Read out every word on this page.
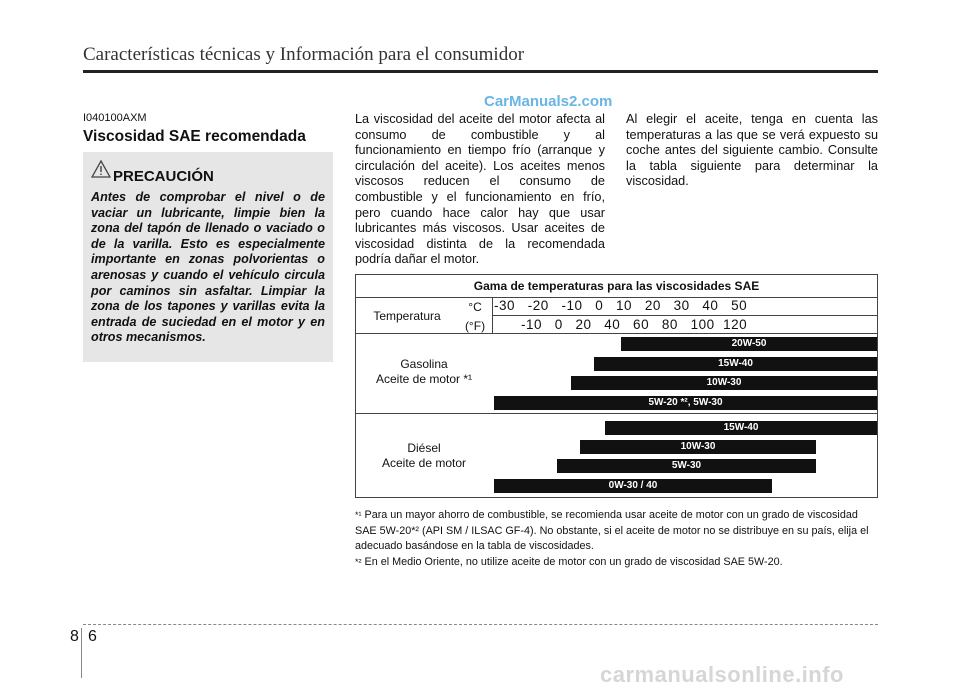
Características técnicas y Información para el consumidor
CarManuals2.com
I040100AXM
Viscosidad SAE recomendada
PRECAUCIÓN
Antes de comprobar el nivel o de vaciar un lubricante, limpie bien la zona del tapón de llenado o vaciado o de la varilla. Esto es especialmente importante en zonas polvorientas o arenosas y cuando el vehículo circula por caminos sin asfaltar. Limpiar la zona de los tapones y varillas evita la entrada de suciedad en el motor y en otros mecanismos.
La viscosidad del aceite del motor afecta al consumo de combustible y al funcionamiento en tiempo frío (arranque y circulación del aceite). Los aceites menos viscosos reducen el consumo de combustible y el funcionamiento en frío, pero cuando hace calor hay que usar lubricantes más viscosos. Usar aceites de viscosidad distinta de la recomendada podría dañar el motor.
Al elegir el aceite, tenga en cuenta las temperaturas a las que se verá expuesto su coche antes del siguiente cambio. Consulte la tabla siguiente para determinar la viscosidad.
Gama de temperaturas para las viscosidades SAE
Temperatura
°C
(°F)
-30   -20   -10   0   10   20   30   40   50
-10   0   20   40   60   80   100  120
Gasolina
Aceite de motor *¹
20W-50
15W-40
10W-30
5W-20 *², 5W-30
Diésel
Aceite de motor
15W-40
10W-30
5W-30
0W-30 / 40
*¹ Para un mayor ahorro de combustible, se recomienda usar aceite de motor con un grado de viscosidad SAE 5W-20*² (API SM / ILSAC GF-4). No obstante, si el aceite de motor no se distribuye en su país, elija el adecuado basándose en la tabla de viscosidades.
*² En el Medio Oriente, no utilize aceite de motor con un grado de viscosidad SAE 5W-20.
8 6
carmanualsonline.info
